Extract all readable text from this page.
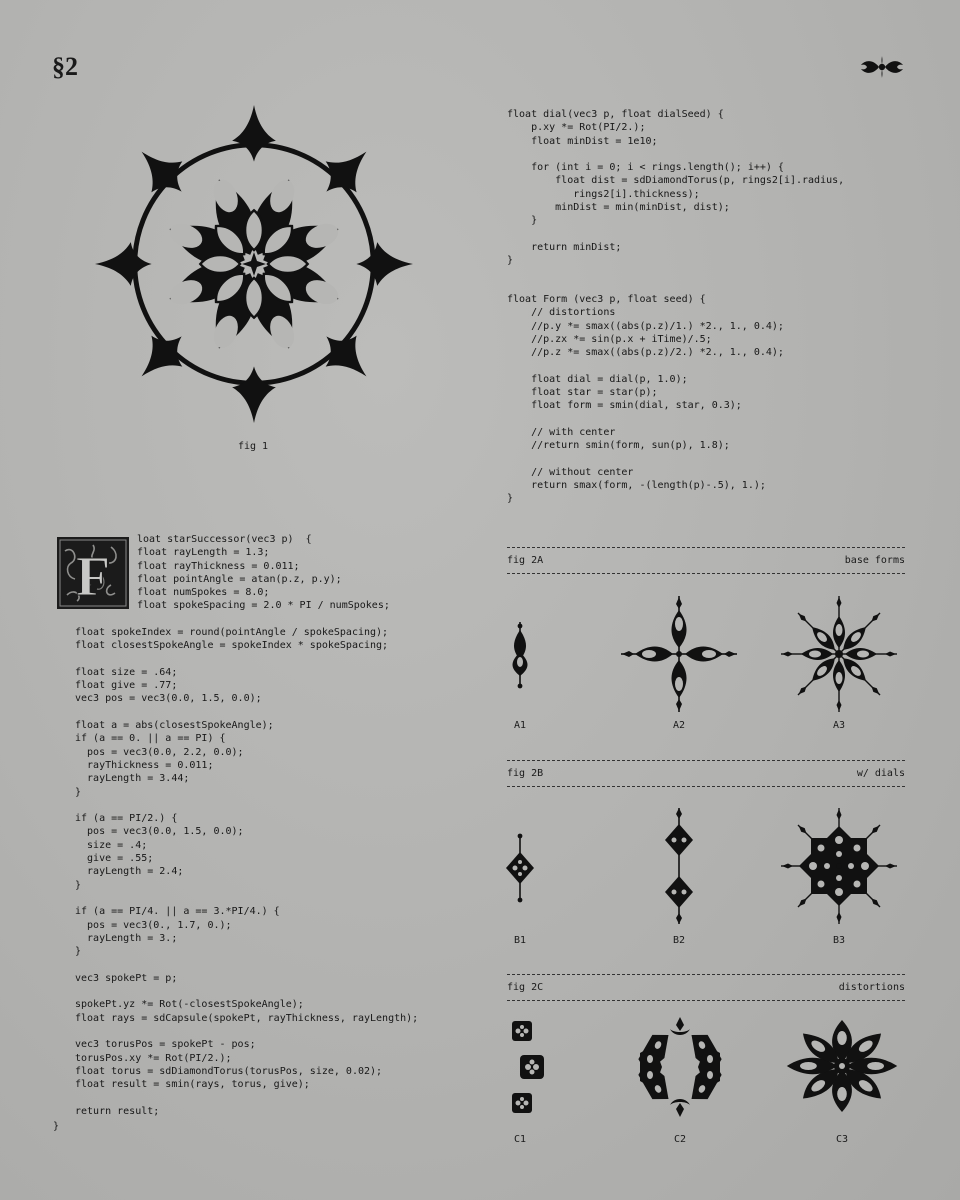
§2
fig 1
float dial(vec3 p, float dialSeed) {
p.xy *= Rot(PI/2.);
float minDist = 1e10;

for (int i = 0; i < rings.length(); i++) {
float dist = sdDiamondTorus(p, rings2[i].radius,
rings2[i].thickness);
minDist = min(minDist, dist);
}

return minDist;
}
float Form (vec3 p, float seed) {
// distortions
//p.y *= smax((abs(p.z)/1.) *2., 1., 0.4);
//p.zx *= sin(p.x + iTime)/.5;
//p.z *= smax((abs(p.z)/2.) *2., 1., 0.4);

float dial = dial(p, 1.0);
float star = star(p);
float form = smin(dial, star, 0.3);

// with center
//return smin(form, sun(p), 1.8);

// without center
return smax(form, -(length(p)-.5), 1.);
}
F
loat starSuccessor(vec3 p)  {
float rayLength = 1.3;
float rayThickness = 0.011;
float pointAngle = atan(p.z, p.y);
float numSpokes = 8.0;
float spokeSpacing = 2.0 * PI / numSpokes;
float spokeIndex = round(pointAngle / spokeSpacing);
float closestSpokeAngle = spokeIndex * spokeSpacing;

float size = .64;
float give = .77;
vec3 pos = vec3(0.0, 1.5, 0.0);

float a = abs(closestSpokeAngle);
if (a == 0. || a == PI) {
pos = vec3(0.0, 2.2, 0.0);
rayThickness = 0.011;
rayLength = 3.44;
}

if (a == PI/2.) {
pos = vec3(0.0, 1.5, 0.0);
size = .4;
give = .55;
rayLength = 2.4;
}

if (a == PI/4. || a == 3.*PI/4.) {
pos = vec3(0., 1.7, 0.);
rayLength = 3.;
}

vec3 spokePt = p;

spokePt.yz *= Rot(-closestSpokeAngle);
float rays = sdCapsule(spokePt, rayThickness, rayLength);

vec3 torusPos = spokePt - pos;
torusPos.xy *= Rot(PI/2.);
float torus = sdDiamondTorus(torusPos, size, 0.02);
float result = smin(rays, torus, give);

return result;
}
fig 2A	base forms
A1	A2	A3
fig 2B	w/ dials
B1	B2	B3
fig 2C	distortions
C1	C2	C3
